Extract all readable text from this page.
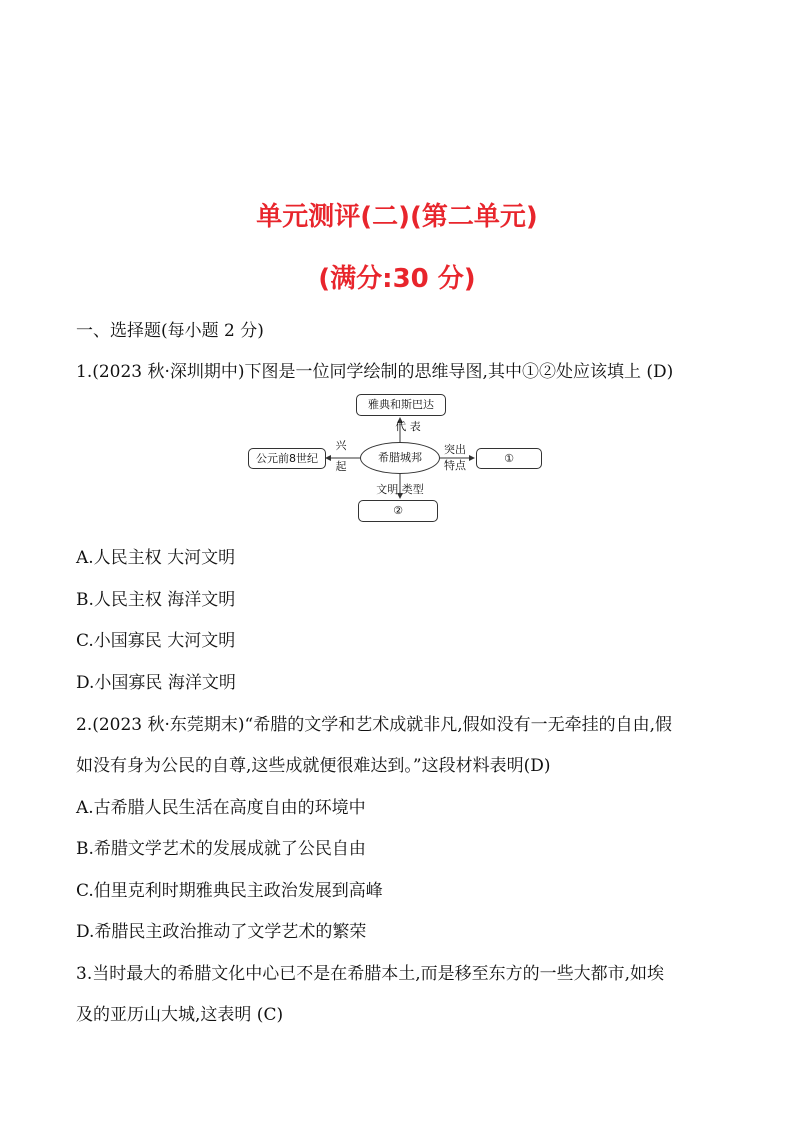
单元测评(二)(第二单元)
(满分:30 分)
一、选择题(每小题 2 分)
1.(2023 秋·深圳期中)下图是一位同学绘制的思维导图,其中①②处应该填上 (D)
雅典和斯巴达
代 表
希腊城邦
公元前8世纪
兴
起
突出
特点
①
文明 类型
②
A.人民主权 大河文明
B.人民主权 海洋文明
C.小国寡民 大河文明
D.小国寡民 海洋文明
2.(2023 秋·东莞期末)“希腊的文学和艺术成就非凡,假如没有一无牵挂的自由,假
如没有身为公民的自尊,这些成就便很难达到。”这段材料表明(D)
A.古希腊人民生活在高度自由的环境中
B.希腊文学艺术的发展成就了公民自由
C.伯里克利时期雅典民主政治发展到高峰
D.希腊民主政治推动了文学艺术的繁荣
3.当时最大的希腊文化中心已不是在希腊本土,而是移至东方的一些大都市,如埃
及的亚历山大城,这表明 (C)
